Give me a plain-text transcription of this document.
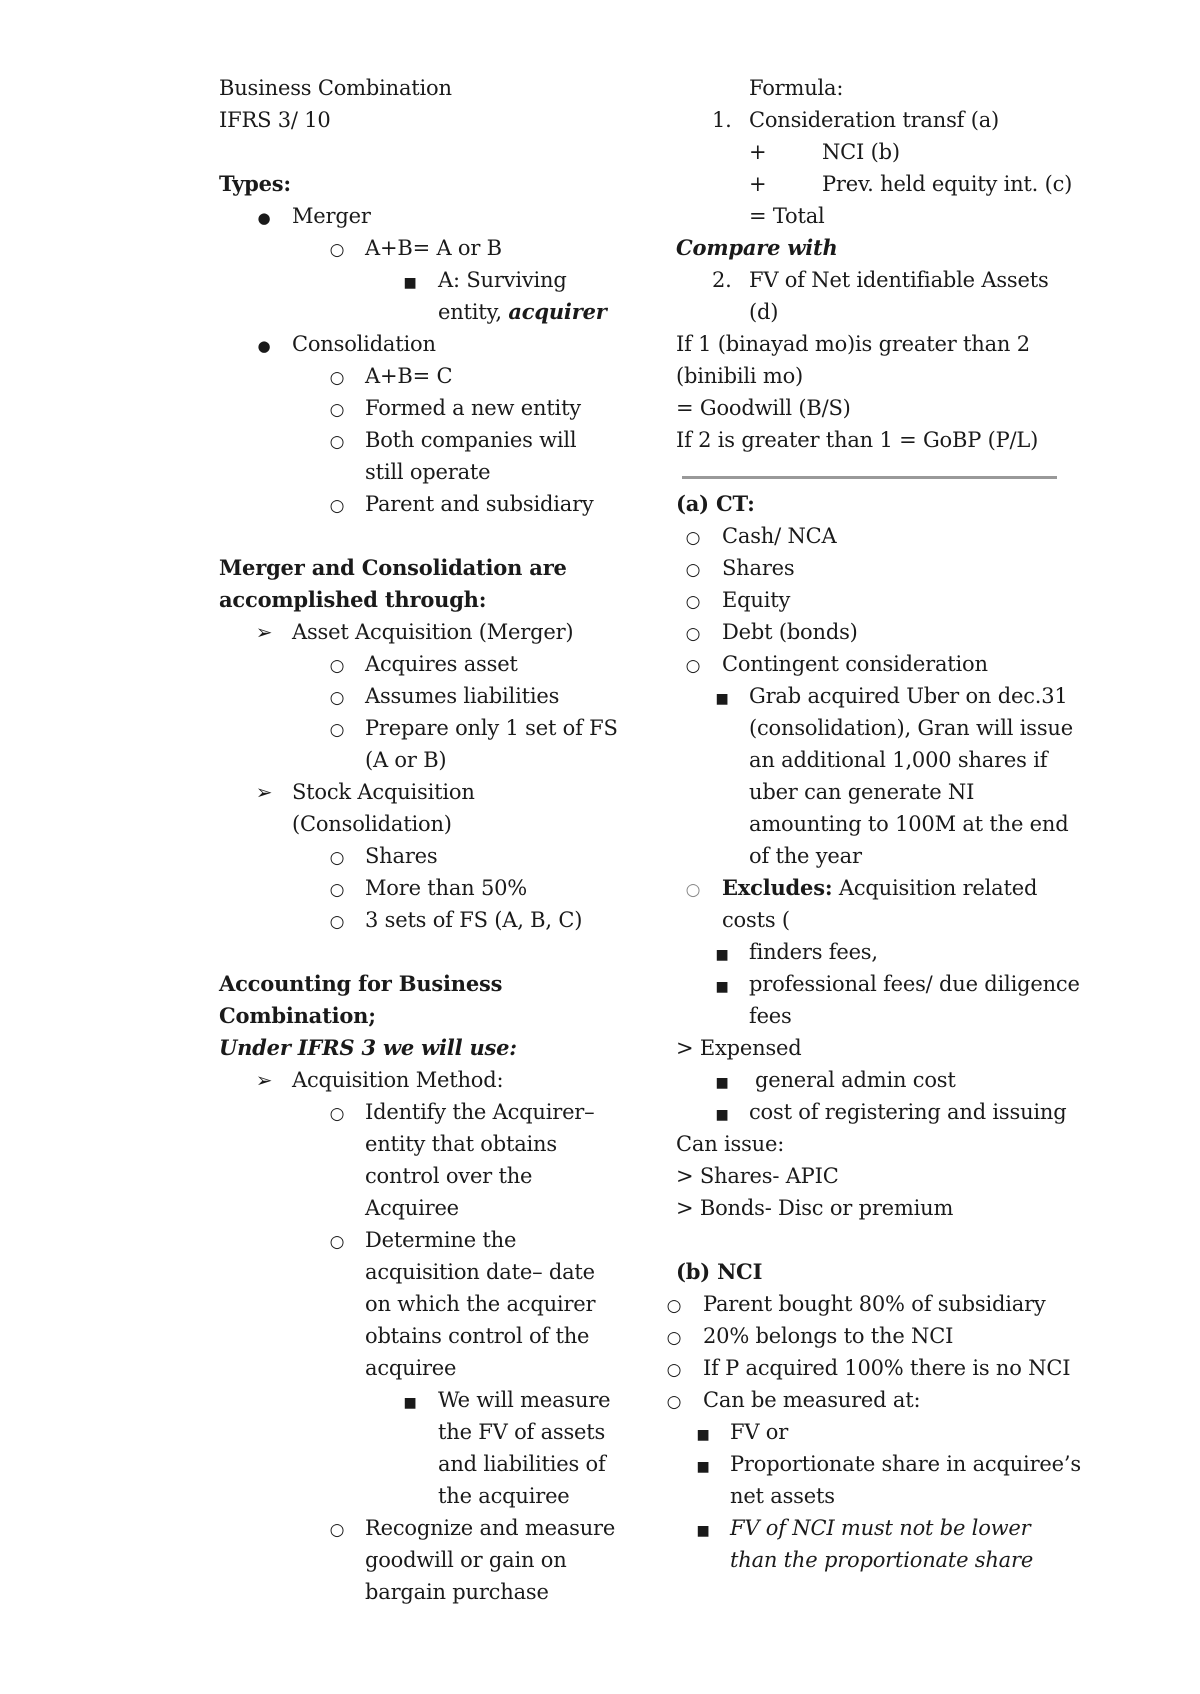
Business Combination
IFRS 3/ 10
Types:
●
Merger
○
A+B= A or B
■
A: Surviving
entity, acquirer
●
Consolidation
○
A+B= C
○
Formed a new entity
○
Both companies will
still operate
○
Parent and subsidiary
Merger and Consolidation are
accomplished through:
➢
Asset Acquisition (Merger)
○
Acquires asset
○
Assumes liabilities
○
Prepare only 1 set of FS
(A or B)
➢
Stock Acquisition
(Consolidation)
○
Shares
○
More than 50%
○
3 sets of FS (A, B, C)
Accounting for Business
Combination;
Under IFRS 3 we will use:
➢
Acquisition Method:
○
Identify the Acquirer–
entity that obtains
control over the
Acquiree
○
Determine the
acquisition date– date
on which the acquirer
obtains control of the
acquiree
■
We will measure
the FV of assets
and liabilities of
the acquiree
○
Recognize and measure
goodwill or gain on
bargain purchase
Formula:
1. Consideration transf (a)
+	NCI (b)
+	Prev. held equity int. (c)
= Total
Compare with
2. FV of Net identifiable Assets
(d)
If 1 (binayad mo)is greater than 2
(binibili mo)
= Goodwill (B/S)
If 2 is greater than 1 = GoBP (P/L)
(a) CT:
○
Cash/ NCA
○
Shares
○
Equity
○
Debt (bonds)
○
Contingent consideration
■
Grab acquired Uber on dec.31
(consolidation), Gran will issue
an additional 1,000 shares if
uber can generate NI
amounting to 100M at the end
of the year
○
Excludes: Acquisition related
costs (
■
finders fees,
■
professional fees/ due diligence
fees
> Expensed
■
general admin cost
■
cost of registering and issuing
Can issue:
> Shares- APIC
> Bonds- Disc or premium
(b) NCI
○
Parent bought 80% of subsidiary
○
20% belongs to the NCI
○
If P acquired 100% there is no NCI
○
Can be measured at:
■
FV or
■
Proportionate share in acquiree’s
net assets
■
FV of NCI must not be lower
than the proportionate share
